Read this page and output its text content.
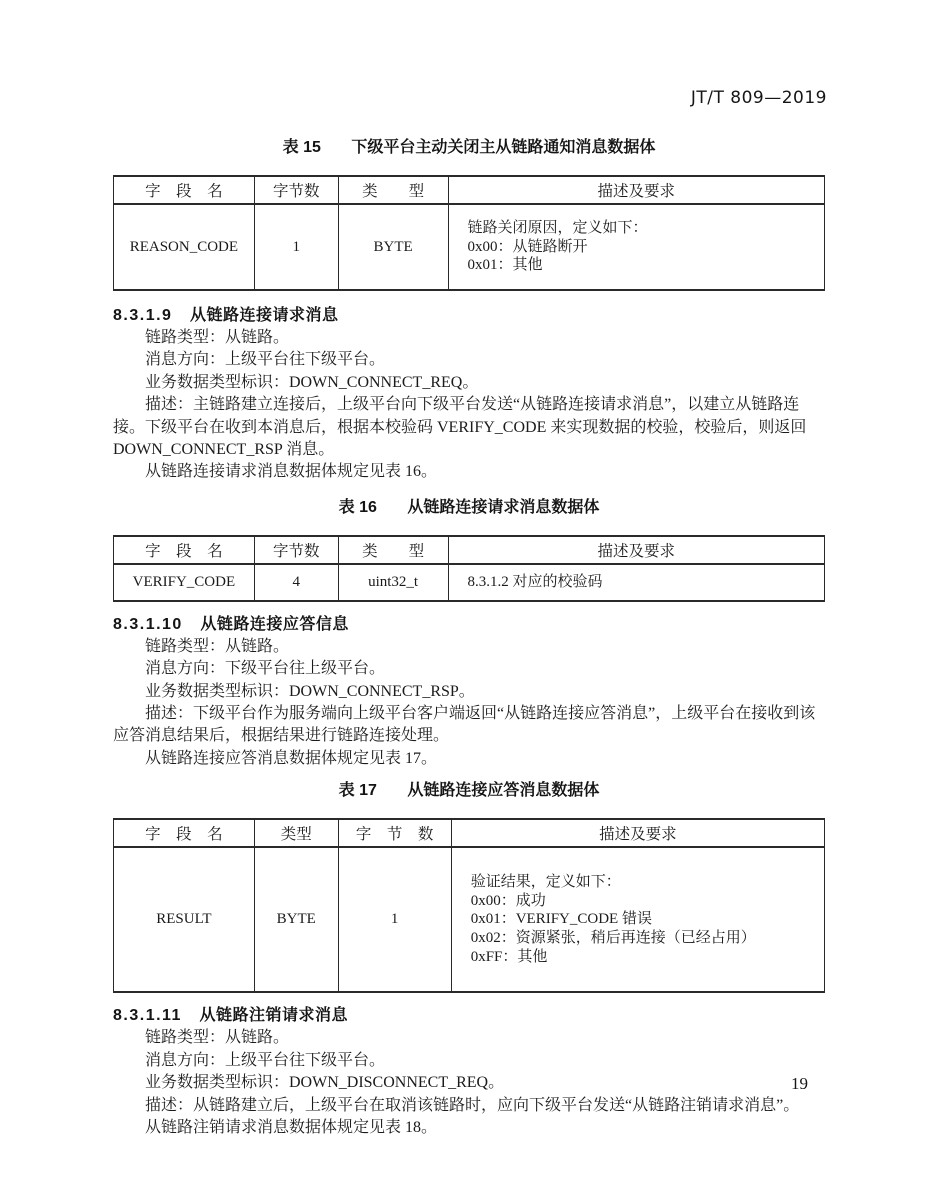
JT/T 809—2019
表 15 下级平台主动关闭主从链路通知消息数据体
字　段　名	字节数	类　　型	描述及要求
REASON_CODE	1	BYTE	链路关闭原因，定义如下：
0x00：从链路断开
0x01：其他
8.3.1.9 从链路连接请求消息
链路类型：从链路。
消息方向：上级平台往下级平台。
业务数据类型标识：DOWN_CONNECT_REQ。
描述：主链路建立连接后，上级平台向下级平台发送“从链路连接请求消息”，以建立从链路连接。下级平台在收到本消息后，根据本校验码 VERIFY_CODE 来实现数据的校验，校验后，则返回 DOWN_CONNECT_RSP 消息。
从链路连接请求消息数据体规定见表 16。
表 16 从链路连接请求消息数据体
字　段　名	字节数	类　　型	描述及要求
VERIFY_CODE	4	uint32_t	8.3.1.2 对应的校验码
8.3.1.10 从链路连接应答信息
链路类型：从链路。
消息方向：下级平台往上级平台。
业务数据类型标识：DOWN_CONNECT_RSP。
描述：下级平台作为服务端向上级平台客户端返回“从链路连接应答消息”，上级平台在接收到该应答消息结果后，根据结果进行链路连接处理。
从链路连接应答消息数据体规定见表 17。
表 17 从链路连接应答消息数据体
字　段　名	类型	字　节　数	描述及要求
RESULT	BYTE	1	验证结果，定义如下：
0x00：成功
0x01：VERIFY_CODE 错误
0x02：资源紧张，稍后再连接（已经占用）
0xFF：其他
8.3.1.11 从链路注销请求消息
链路类型：从链路。
消息方向：上级平台往下级平台。
业务数据类型标识：DOWN_DISCONNECT_REQ。
描述：从链路建立后，上级平台在取消该链路时，应向下级平台发送“从链路注销请求消息”。
从链路注销请求消息数据体规定见表 18。
19
